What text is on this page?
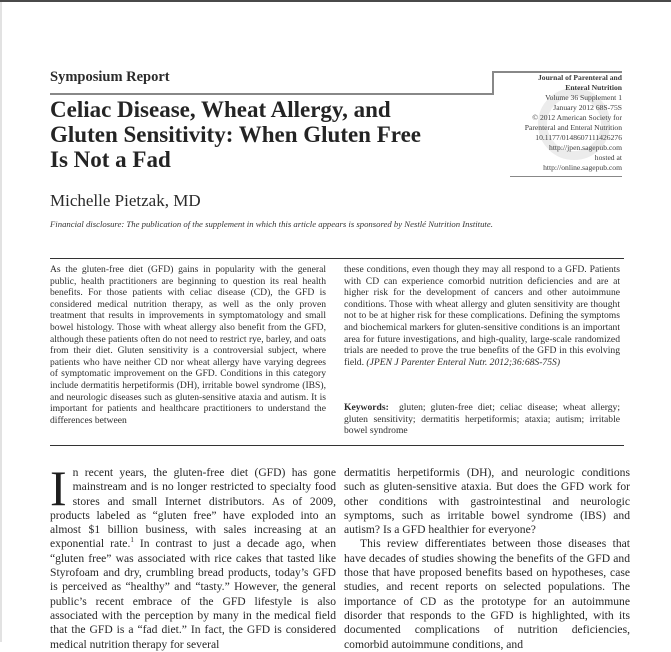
Symposium Report
Celiac Disease, Wheat Allergy, and Gluten Sensitivity: When Gluten Free Is Not a Fad
Journal of Parenteral and
Enteral Nutrition
Volume 36 Supplement 1
January 2012 68S-75S
© 2012 American Society for
Parenteral and Enteral Nutrition
10.1177/0148607111426276
http://jpen.sagepub.com
hosted at
http://online.sagepub.com
Michelle Pietzak, MD
Financial disclosure: The publication of the supplement in which this article appears is sponsored by Nestlé Nutrition Institute.

As the gluten-free diet (GFD) gains in popularity with the general public, health practitioners are beginning to question its real health benefits. For those patients with celiac disease (CD), the GFD is considered medical nutrition therapy, as well as the only proven treatment that results in improvements in symptomatology and small bowel histology. Those with wheat allergy also benefit from the GFD, although these patients often do not need to restrict rye, barley, and oats from their diet. Gluten sensitivity is a controversial subject, where patients who have neither CD nor wheat allergy have varying degrees of symptomatic improvement on the GFD. Conditions in this category include dermatitis herpetiformis (DH), irritable bowel syndrome (IBS), and neurologic diseases such as gluten-sensitive ataxia and autism. It is important for patients and healthcare practitioners to understand the differences between

these conditions, even though they may all respond to a GFD. Patients with CD can experience comorbid nutrition deficiencies and are at higher risk for the development of cancers and other autoimmune conditions. Those with wheat allergy and gluten sensitivity are thought not to be at higher risk for these complications. Defining the symptoms and biochemical markers for gluten-sensitive conditions is an important area for future investigations, and high-quality, large-scale randomized trials are needed to prove the true benefits of the GFD in this evolving field. (JPEN J Parenter Enteral Nutr. 2012;36:68S-75S)

Keywords: gluten; gluten-free diet; celiac disease; wheat allergy; gluten sensitivity; dermatitis herpetiformis; ataxia; autism; irritable bowel syndrome

In recent years, the gluten-free diet (GFD) has gone mainstream and is no longer restricted to specialty food stores and small Internet distributors. As of 2009, products labeled as “gluten free” have exploded into an almost $1 billion business, with sales increasing at an exponential rate.$^1$ In contrast to just a decade ago, when “gluten free” was associated with rice cakes that tasted like Styrofoam and dry, crumbling bread products, today’s GFD is perceived as “healthy” and “tasty.” However, the general public’s recent embrace of the GFD lifestyle is also associated with the perception by many in the medical field that the GFD is a “fad diet.” In fact, the GFD is considered medical nutrition therapy for several

dermatitis herpetiformis (DH), and neurologic conditions such as gluten-sensitive ataxia. But does the GFD work for other conditions with gastrointestinal and neurologic symptoms, such as irritable bowel syndrome (IBS) and autism? Is a GFD healthier for everyone?
This review differentiates between those diseases that have decades of studies showing the benefits of the GFD and those that have proposed benefits based on hypotheses, case studies, and recent reports on selected populations. The importance of CD as the prototype for an autoimmune disorder that responds to the GFD is highlighted, with its documented complications of nutrition deficiencies, comorbid autoimmune conditions, and
